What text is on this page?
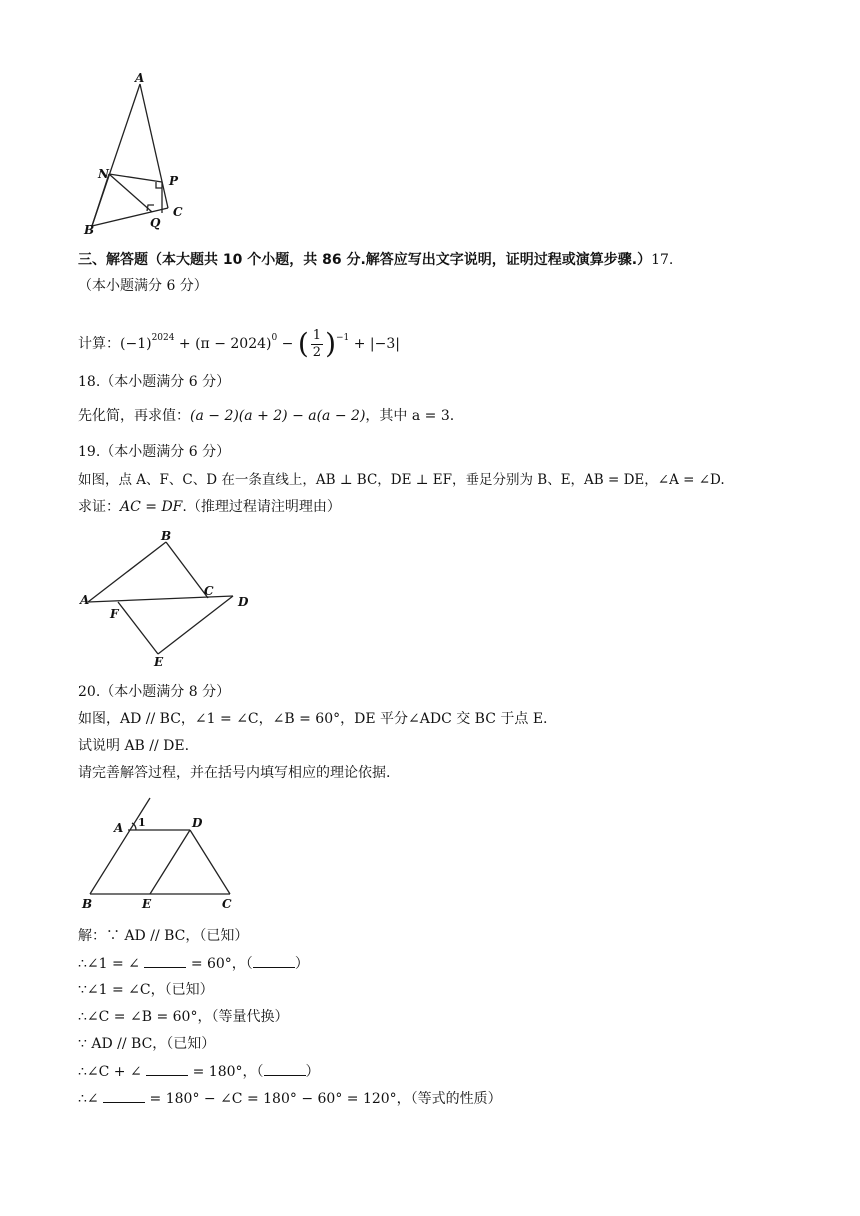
A
N	P
B	Q
C
三、解答题（本大题共 10 个小题，共 86 分.解答应写出文字说明，证明过程或演算步骤.）17.
（本小题满分 6 分）
计算：$(-1)^{2024} + (\pi - 2024)^0$ − ( $\frac{1}{2} )^{-1} + |-3|$
18.（本小题满分 6 分）
先化简，再求值：(a − 2)(a + 2) − a(a − 2)，其中 a = 3.
19.（本小题满分 6 分）
如图，点 A、F、C、D 在一条直线上，AB ⊥ BC，DE ⊥ EF，垂足分别为 B、E，AB = DE，∠A = ∠D.
求证：AC = DF.（推理过程请注明理由）
B
A
C
D
F
E
20.（本小题满分 8 分）
如图，AD // BC，∠1 = ∠C，∠B = 60°，DE 平分∠ADC 交 BC 于点 E.
试说明 AB // DE.
请完善解答过程，并在括号内填写相应的理论依据.
A 1	D
B	E	C
解：∵ AD // BC，（已知）
∴∠1 = ∠	= 60°，（	）
∵∠1 = ∠C，（已知）
∴∠C = ∠B = 60°，（等量代换）
∵ AD // BC，（已知）
∴∠C + ∠	= 180°，（	）
∴∠	= 180° − ∠C = 180° − 60° = 120°，（等式的性质）
